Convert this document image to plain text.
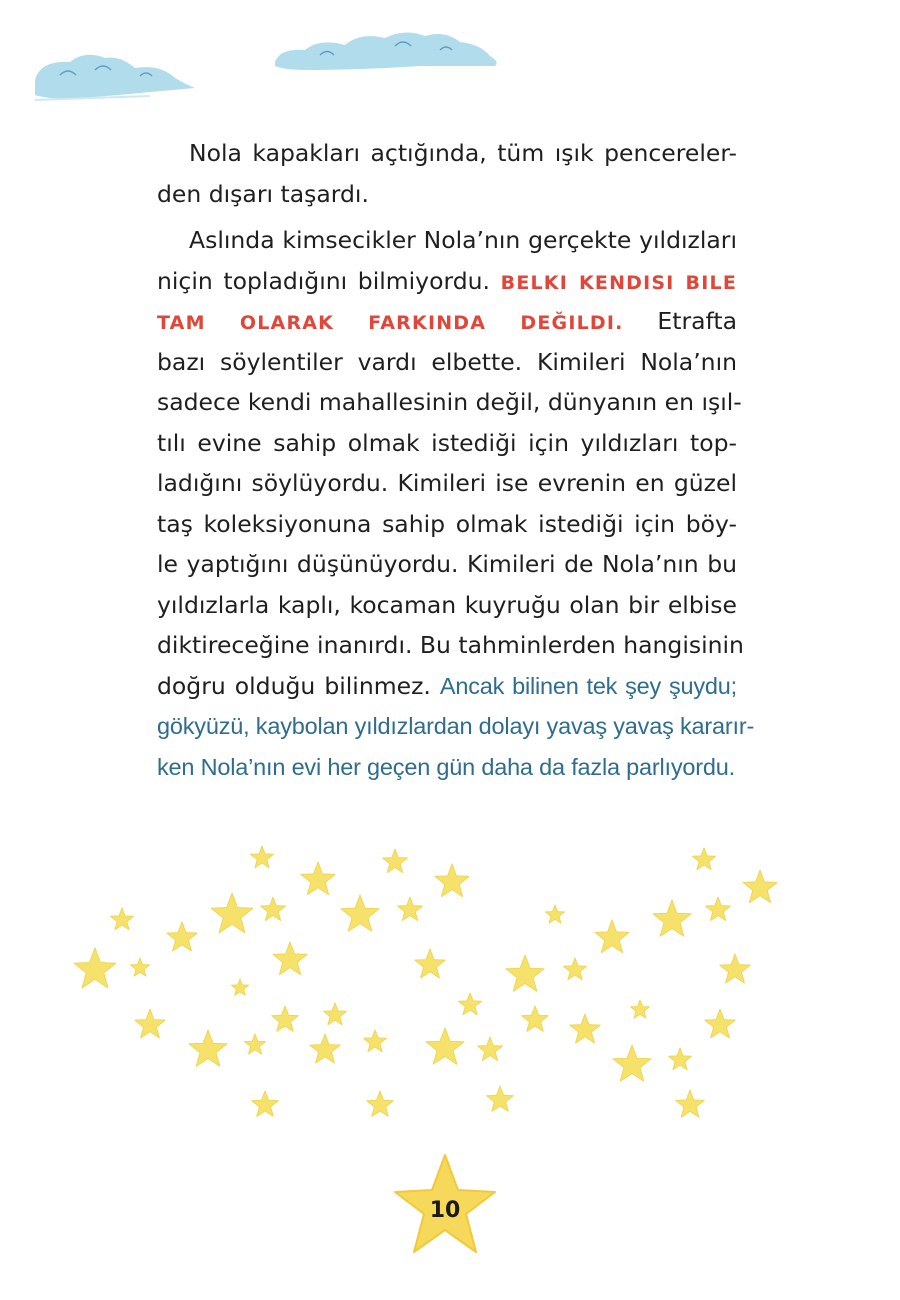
Nola kapakları açtığında, tüm ışık pencereler-
den dışarı taşardı.
Aslında kimsecikler Nola’nın gerçekte yıldızları
niçin topladığını bilmiyordu. BELKI KENDISI BILE
TAM OLARAK FARKINDA DEĞILDI. Etrafta
bazı söylentiler vardı elbette. Kimileri Nola’nın
sadece kendi mahallesinin değil, dünyanın en ışıl-
tılı evine sahip olmak istediği için yıldızları top-
ladığını söylüyordu. Kimileri ise evrenin en güzel
taş koleksiyonuna sahip olmak istediği için böy-
le yaptığını düşünüyordu. Kimileri de Nola’nın bu
yıldızlarla kaplı, kocaman kuyruğu olan bir elbise
diktireceğine inanırdı. Bu tahminlerden hangisinin
doğru olduğu bilinmez. Ancak bilinen tek şey şuydu;
gökyüzü, kaybolan yıldızlardan dolayı yavaş yavaş kararır-
ken Nola’nın evi her geçen gün daha da fazla parlıyordu.
10
